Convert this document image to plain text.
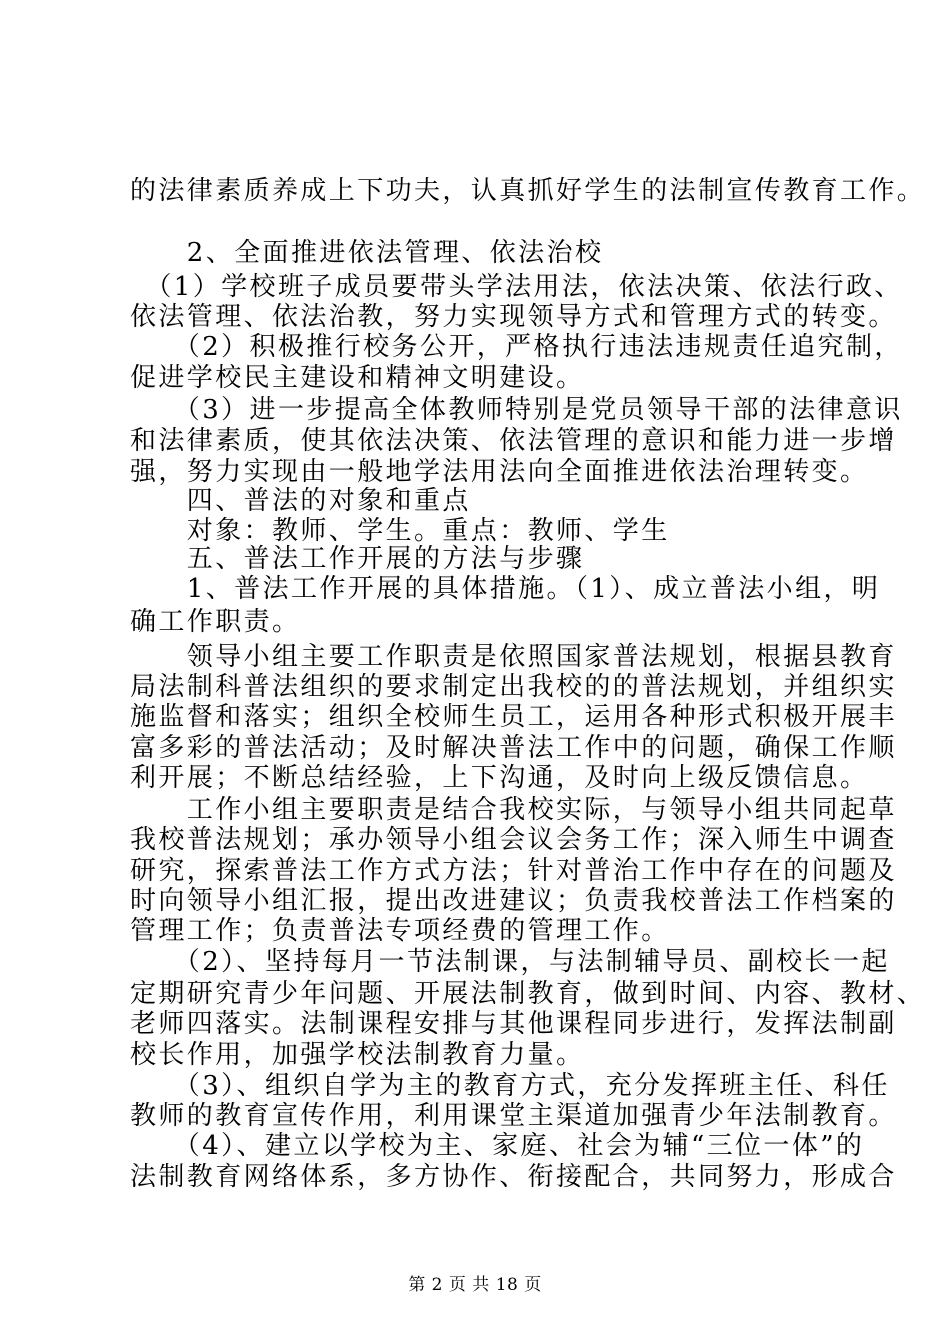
的法律素质养成上下功夫，认真抓好学生的法制宣传教育工作。
　　2、全面推进依法管理、依法治校
　（1）学校班子成员要带头学法用法，依法决策、依法行政、
依法管理、依法治教，努力实现领导方式和管理方式的转变。
　　（2）积极推行校务公开，严格执行违法违规责任追究制，
促进学校民主建设和精神文明建设。
　　（3）进一步提高全体教师特别是党员领导干部的法律意识
和法律素质，使其依法决策、依法管理的意识和能力进一步增
强，努力实现由一般地学法用法向全面推进依法治理转变。
　　四、普法的对象和重点
　　对象：教师、学生。重点：教师、学生
　　五、普法工作开展的方法与步骤
　　1、普法工作开展的具体措施。（1）、成立普法小组，明
确工作职责。
　　领导小组主要工作职责是依照国家普法规划，根据县教育
局法制科普法组织的要求制定出我校的的普法规划，并组织实
施监督和落实；组织全校师生员工，运用各种形式积极开展丰
富多彩的普法活动；及时解决普法工作中的问题，确保工作顺
利开展；不断总结经验，上下沟通，及时向上级反馈信息。
　　工作小组主要职责是结合我校实际，与领导小组共同起草
我校普法规划；承办领导小组会议会务工作；深入师生中调查
研究，探索普法工作方式方法；针对普治工作中存在的问题及
时向领导小组汇报，提出改进建议；负责我校普法工作档案的
管理工作；负责普法专项经费的管理工作。
　　（2）、坚持每月一节法制课，与法制辅导员、副校长一起
定期研究青少年问题、开展法制教育，做到时间、内容、教材、
老师四落实。法制课程安排与其他课程同步进行，发挥法制副
校长作用，加强学校法制教育力量。
　　（3）、组织自学为主的教育方式，充分发挥班主任、科任
教师的教育宣传作用，利用课堂主渠道加强青少年法制教育。
　　（4）、建立以学校为主、家庭、社会为辅“三位一体”的
法制教育网络体系，多方协作、衔接配合，共同努力，形成合
第 2 页 共 18 页
